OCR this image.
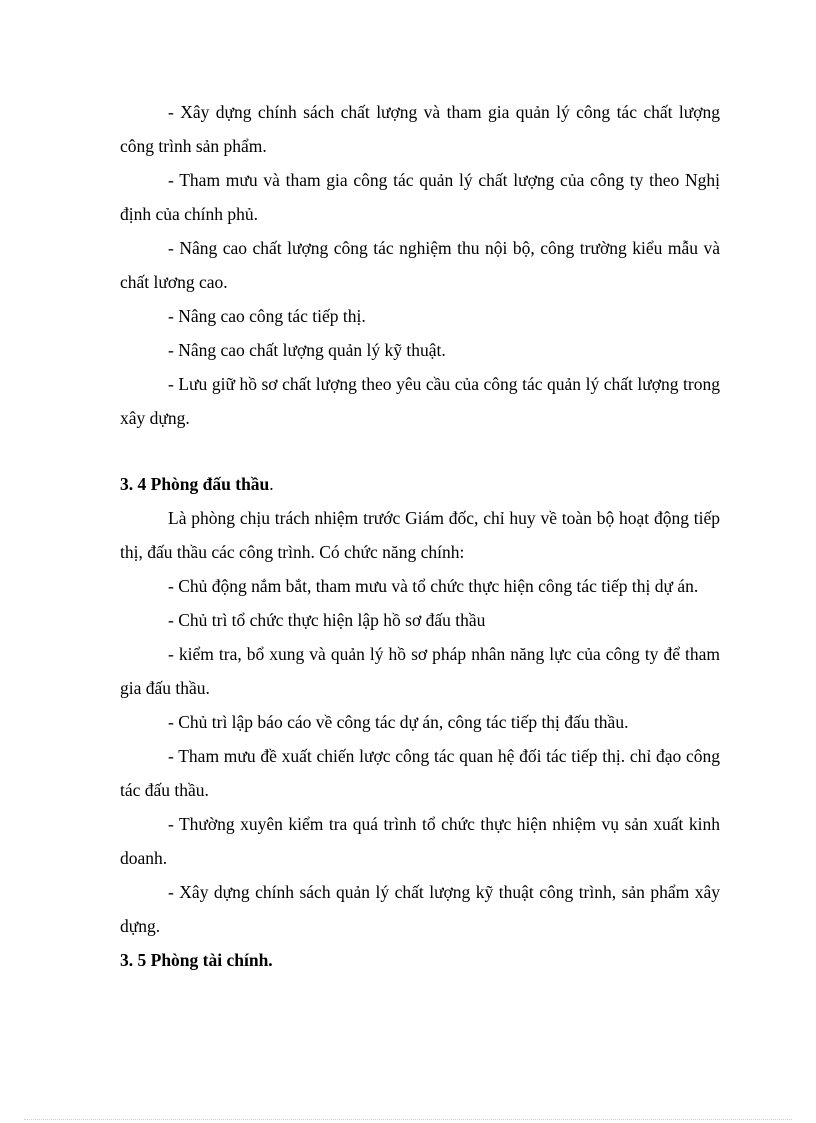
- Xây dựng chính sách chất lượng và tham gia quản lý công tác chất lượng công trình sản phẩm.

- Tham mưu và tham gia công tác quản lý chất lượng của công ty theo Nghị định của chính phủ.

- Nâng cao chất lượng công tác nghiệm thu nội bộ, công trường kiểu mẫu và chất lương cao.

- Nâng cao công tác tiếp thị.

- Nâng cao chất lượng quản lý kỹ thuật.

- Lưu giữ hồ sơ chất lượng theo yêu cầu của công tác quản lý chất lượng trong xây dựng.

3. 4 Phòng đấu thầu.

Là phòng chịu trách nhiệm trước Giám đốc, chỉ huy về toàn bộ hoạt động tiếp thị, đấu thầu các công trình. Có chức năng chính:

- Chủ động nắm bắt, tham mưu và tổ chức thực hiện công tác tiếp thị dự án.

- Chủ trì tổ chức thực hiện lập hồ sơ đấu thầu

- kiểm tra, bổ xung và quản lý hồ sơ pháp nhân năng lực của công ty để tham gia đấu thầu.

- Chủ trì lập báo cáo về công tác dự án, công tác tiếp thị đấu thầu.

- Tham mưu đề xuất chiến lược công tác quan hệ đối tác tiếp thị. chỉ đạo công tác đấu thầu.

- Thường xuyên kiểm tra quá trình tổ chức thực hiện nhiệm vụ sản xuất kinh doanh.

- Xây dựng chính sách quản lý chất lượng kỹ thuật công trình, sản phẩm xây dựng.

3. 5 Phòng tài chính.
